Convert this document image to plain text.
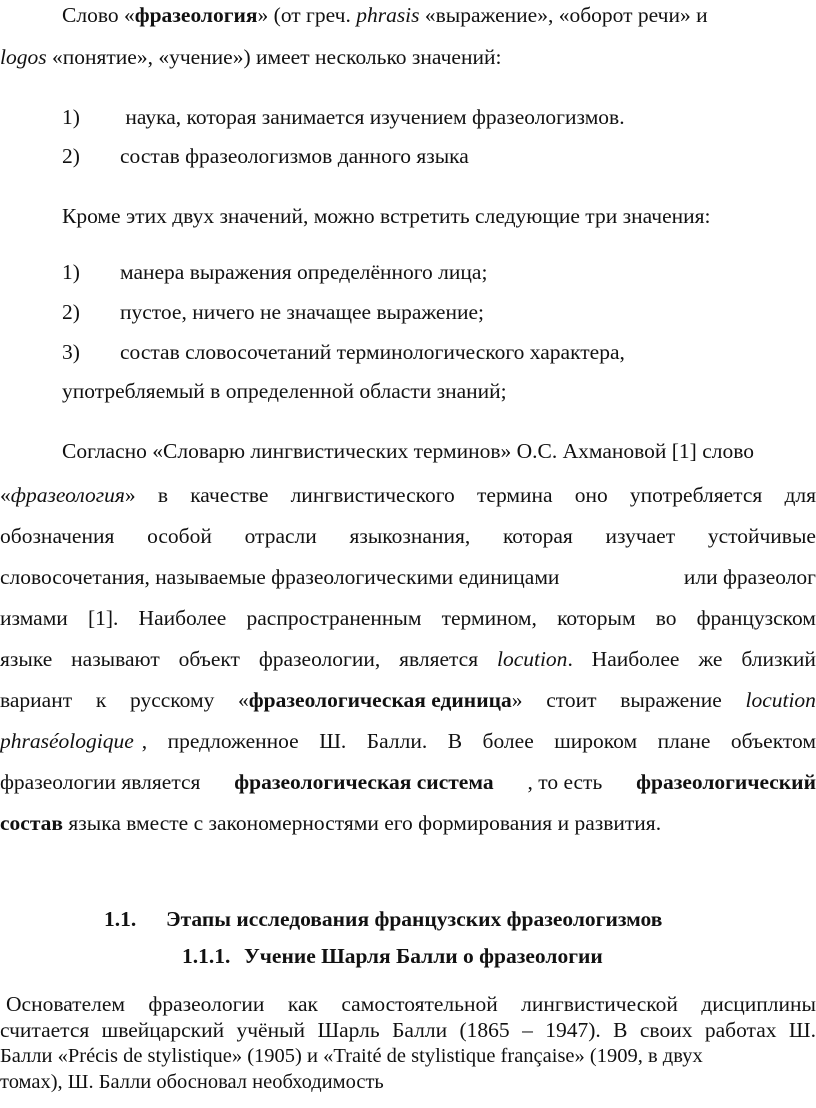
Слово «фразеология» (от греч. phrasis «выражение», «оборот речи» и
logos «понятие», «учение») имеет несколько значений:
1) наука, которая занимается изучением фразеологизмов.
2) состав фразеологизмов данного языка
Кроме этих двух значений, можно встретить следующие три значения:
1) манера выражения определённого лица;
2) пустое, ничего не значащее выражение;
3) состав словосочетаний терминологического характера,
употребляемый в определенной области знаний;
Согласно «Словарю лингвистических терминов» О.С. Ахмановой [1] слово
«фразеология» в качестве лингвистического термина оно употребляется для
обозначения особой отрасли языкознания, которая изучает устойчивые
словосочетания, называемые фразеологическими единицами	или фразеолог
измами [1]. Наиболее распространенным термином, которым во французском
языке называют объект фразеологии, является locution. Наиболее же близкий
вариант к русскому «фразеологическая единица» стоит выражение locution
phraséologique , предложенное Ш. Балли. В более широком плане объектом
фразеологии является фразеологическая система , то есть фразеологический
состав языка вместе с закономерностями его формирования и развития.
1.1. Этапы исследования французских фразеологизмов
1.1.1. Учение Шарля Балли о фразеологии
Основателем фразеологии как самостоятельной лингвистической дисциплины
считается швейцарский учёный Шарль Балли (1865 – 1947). В своих работах Ш.
Балли «Précis de stylistique» (1905) и «Traité de stylistique française» (1909, в двух
томах), Ш. Балли обосновал необходимость
